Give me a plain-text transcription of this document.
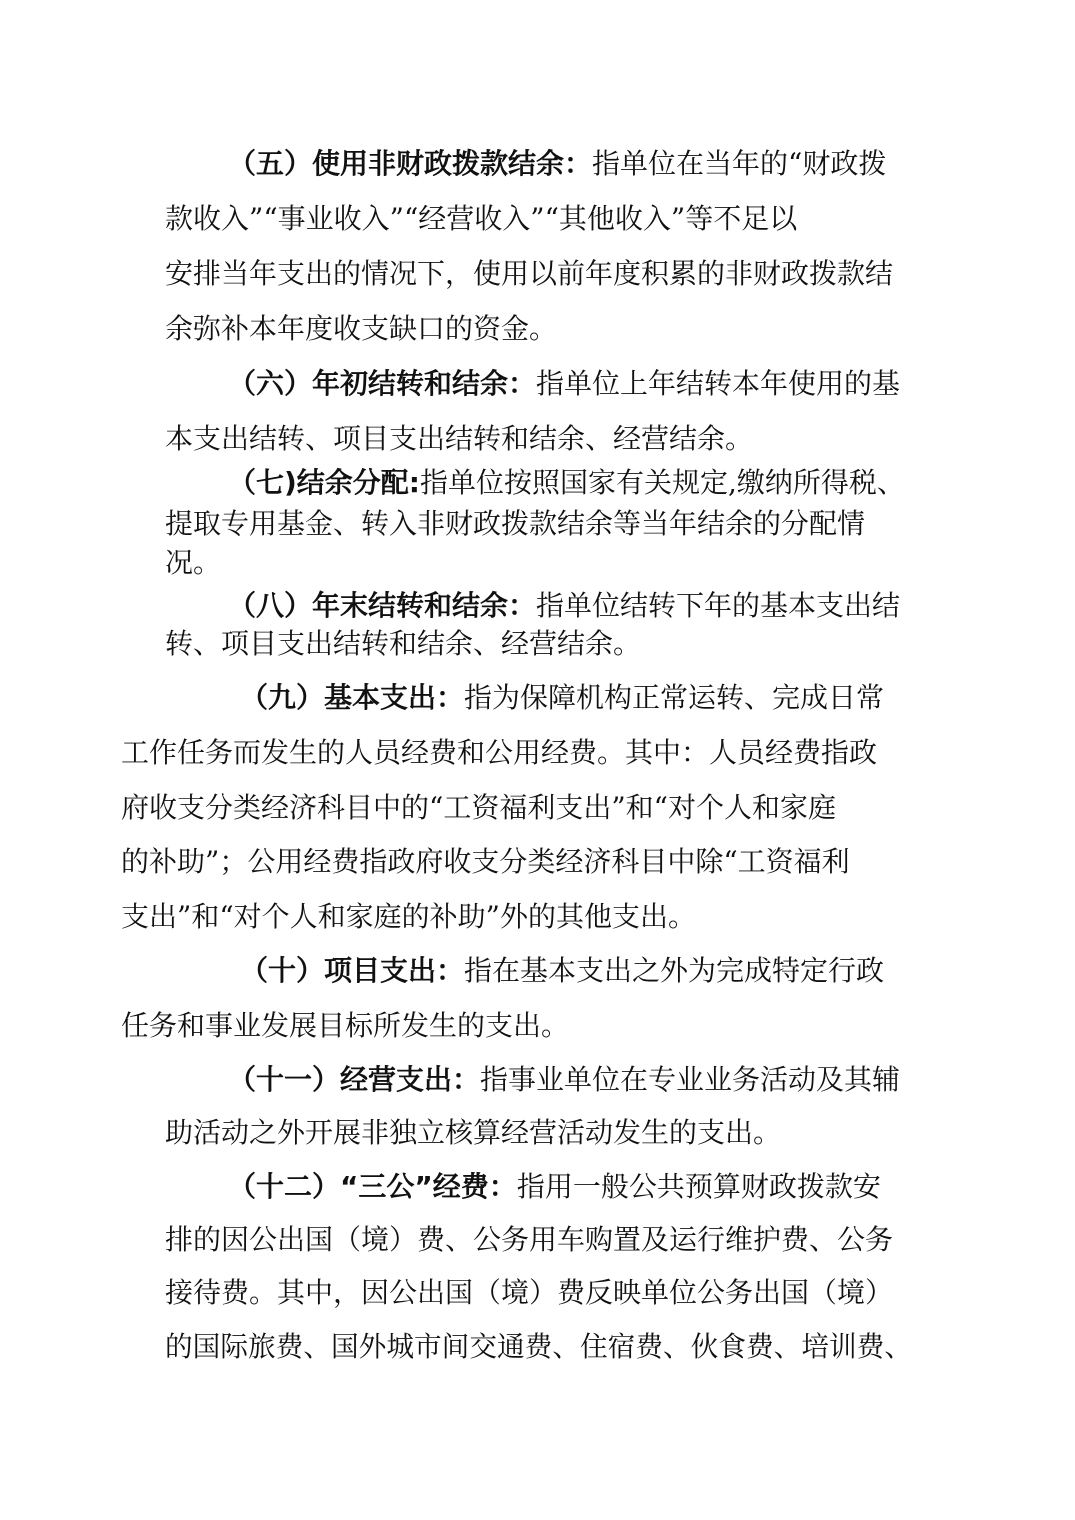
（五）使用非财政拨款结余：指单位在当年的“财政拨
款收入”“事业收入”“经营收入”“其他收入”等不足以
安排当年支出的情况下，使用以前年度积累的非财政拨款结
余弥补本年度收支缺口的资金。
（六）年初结转和结余：指单位上年结转本年使用的基
本支出结转、项目支出结转和结余、经营结余。
（七)结余分配:指单位按照国家有关规定,缴纳所得税、
提取专用基金、转入非财政拨款结余等当年结余的分配情
况。
（八）年末结转和结余：指单位结转下年的基本支出结
转、项目支出结转和结余、经营结余。
（九）基本支出：指为保障机构正常运转、完成日常
工作任务而发生的人员经费和公用经费。其中：人员经费指政
府收支分类经济科目中的“工资福利支出”和“对个人和家庭
的补助”；公用经费指政府收支分类经济科目中除“工资福利
支出”和“对个人和家庭的补助”外的其他支出。
（十）项目支出：指在基本支出之外为完成特定行政
任务和事业发展目标所发生的支出。
（十一）经营支出：指事业单位在专业业务活动及其辅
助活动之外开展非独立核算经营活动发生的支出。
（十二）“三公”经费：指用一般公共预算财政拨款安
排的因公出国（境）费、公务用车购置及运行维护费、公务
接待费。其中，因公出国（境）费反映单位公务出国（境）
的国际旅费、国外城市间交通费、住宿费、伙食费、培训费、
